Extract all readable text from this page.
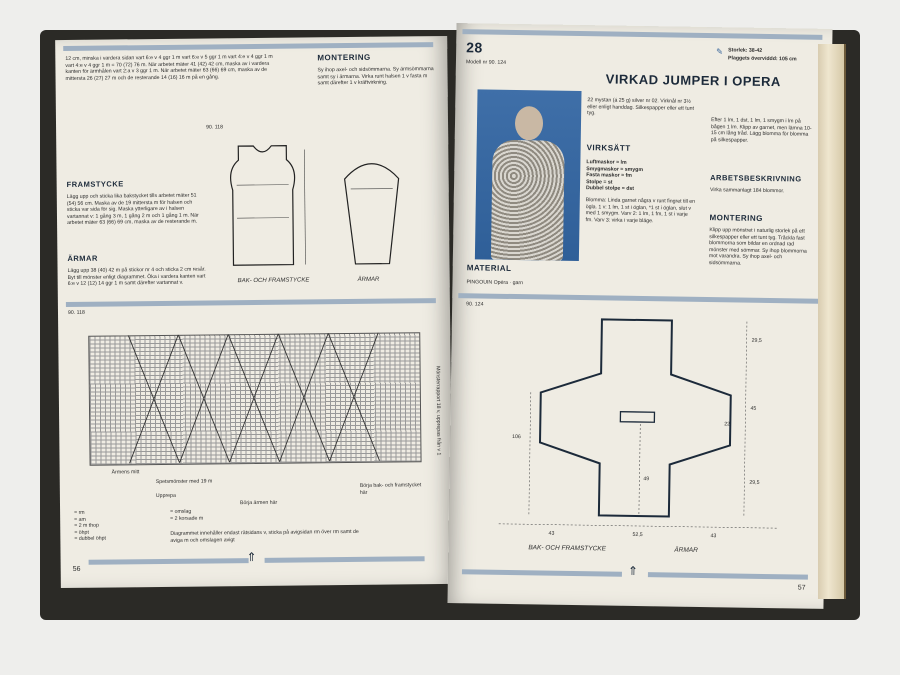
12 cm, minska i vardera sidan vart 6:e v 4 ggr 1 m vart 6:e v 5 ggr 1 m vart 4:e v 4 ggr 1 m vart 4:e v 4 ggr 1 m = 70 (72) 76 m. När arbetet mäter 41 (42) 42 cm, maska av i vardera kanten för ärmhålen vart 2:a v 3 ggr 1 m. När arbetet mäter 63 (66) 69 cm, maska av de mittersta 26 (27) 27 m och de resterande 14 (16) 16 m på en gång.
MONTERING
Sy ihop axel- och sidsömmarna. Sy ärmsömmarna samt sy i ärmarna. Virka runt halsen 1 v fasta m samt därefter 1 v kräftvirkning.
90. 118
FRAMSTYCKE
Lägg upp och sticka lika bakstycket tills arbetet mäter 51 (54) 56 cm. Maska av de 19 mittersta m för halsen och sticka var sida för sig. Maska ytterligare av i halsen vartannat v: 1 gång 3 m, 1 gång 2 m och 1 gång 1 m. När arbetet mäter 63 (66) 69 cm, maska av de resterande m.
ÄRMAR
Lägg upp 38 (40) 42 m på stickor nr 4 och sticka 2 cm resår. Byt till mönster enligt diagrammet. Öka i vardera kanten vart 6:e v 12 (12) 14 ggr 1 m samt därefter vartannat v.	BAK- OCH FRAMSTYCKE	ÄRMAR
90. 118
Mönsterrapport 18 v, upprepas från v 1
Ärmens mitt
Spetsmönster med 19 m
Upprepa
Börja ärmen här
Börja bak- och framstycket här
= rm
= am
= 2 m thop
= öhpt
= dubbel öhpt
= omslag
= 2 korsade m
Diagrammet innehåller endast rätsidans v, sticka på avigsidan rm över rm samt de aviga m och omslagen avigt
⇑
56
28
Modell nr 90. 124
VIRKAD JUMPER I OPERA
✎ Storlek: 38-42
Plaggets överviddd: 105 cm
22 mystan (á 25 g) silver nr 02. Virknål nr 3½ eller enligt handdag. Silkespapper eller ett tunt tyg.
VIRKSÄTT
Luftmaskor = lm
Smygmaskor = smygm
Fasta maskor = fm
Stolpe = st
Dubbel stolpe = dst
Blomma: Linda garnet några v runt fingret till en ögla. 1 v: 1 lm, 1 st i öglan, *1 st i öglan, slut v med 1 smygm. Varv 2: 1 lm, 1 fm, 1 st i varje fm. Varv 3: virka i varje bläge.
MATERIAL
PINGOUIN Opéra · garn
Efter 1 lm, 1 dst, 1 lm, 1 smygm i lm på bågen 1 lm. Klipp av garnet, men lämna 10-15 cm lång tråd. Lägg blomma för blomma på silkespapper.
ARBETSBESKRIVNING
Virka sammanlagt 184 blommor.
MONTERING
Klipp upp mönstret i naturlig storlek på ett silkespapper eller ett tunt tyg. Tråckla fast blommorna som bildar en ordnad rad mönster med sömmar. Sy ihop blommorna mot varandra. Sy ihop axel- och sidsömmarna.
90. 124
29,5
45
29,5
22
106
49
43	52,5	43
BAK- OCH FRAMSTYCKE	ÄRMAR
⇑
57
